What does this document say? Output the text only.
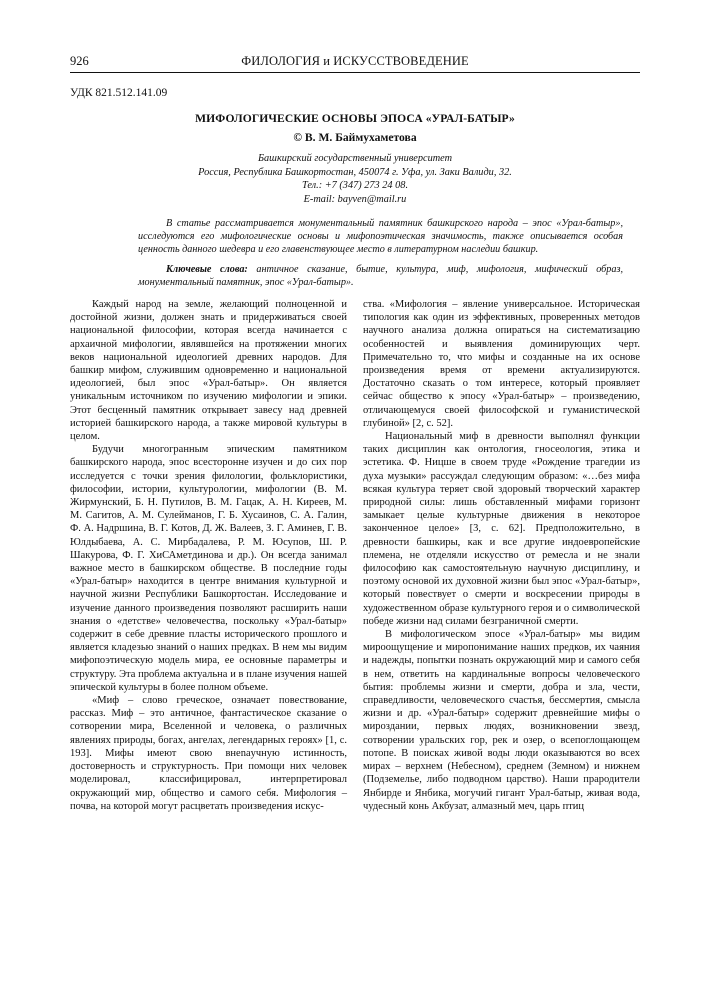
926	ФИЛОЛОГИЯ и ИСКУССТВОВЕДЕНИЕ
УДК 821.512.141.09
МИФОЛОГИЧЕСКИЕ ОСНОВЫ ЭПОСА «УРАЛ-БАТЫР»
© В. М. Баймухаметова
Башкирский государственный университет
Россия, Республика Башкортостан, 450074 г. Уфа, ул. Заки Валиди, 32.
Тел.: +7 (347) 273 24 08.
E-mail: bayven@mail.ru
В статье рассматривается монументальный памятник башкирского народа – эпос «Урал-батыр», исследуются его мифологические основы и мифопоэтическая значимость, также описывается особая ценность данного шедевра и его главенствующее место в литературном наследии башкир.
Ключевые слова: античное сказание, бытие, культура, миф, мифология, мифический образ, монументальный памятник, эпос «Урал-батыр».

Каждый народ на земле, желающий полноценной и достойной жизни, должен знать и придерживаться своей национальной философии, которая всегда начинается с архаичной мифологии, являвшейся на протяжении многих веков национальной идеологией древних народов. Для башкир мифом, служившим одновременно и национальной идеологией, был эпос «Урал-батыр». Он является уникальным источником по изучению мифологии и эпики. Этот бесценный памятник открывает завесу над древней историей башкирского народа, а также мировой культуры в целом.

Будучи многогранным эпическим памятником башкирского народа, эпос всесторонне изучен и до сих пор исследуется с точки зрения филологии, фольклористики, философии, истории, культурологии, мифологии (В. М. Жирмунский, Б. Н. Путилов, В. М. Гацак, А. Н. Киреев, М. М. Сагитов, А. М. Сулейманов, Г. Б. Хусаинов, С. А. Галин, Ф. А. Надршина, В. Г. Котов, Д. Ж. Валеев, З. Г. Аминев, Г. В. Юлдыбаева, А. С. Мирбадалева, Р. М. Юсупов, Ш. Р. Шакурова, Ф. Г. ХиСАметдинова и др.). Он всегда занимал важное место в башкирском обществе. В последние годы «Урал-батыр» находится в центре внимания культурной и научной жизни Республики Башкортостан. Исследование и изучение данного произведения позволяют расширить наши знания о «детстве» человечества, поскольку «Урал-батыр» содержит в себе древние пласты исторического прошлого и является кладезью знаний о наших предках. В нем мы видим мифопоэтическую модель мира, ее основные параметры и структуру. Эта проблема актуальна и в плане изучения нашей эпической культуры в более полном объеме.

«Миф – слово греческое, означает повествование, рассказ. Миф – это античное, фантастическое сказание о сотворении мира, Вселенной и человека, о различных явлениях природы, богах, ангелах, легендарных героях» [1, с. 193]. Мифы имеют свою внenaучную истинность, достоверность и структурность. При помощи них человек моделировал, классифицировал, интерпретировал окружающий мир, общество и самого себя. Мифология – почва, на которой могут расцветать произведения искус-

ства. «Мифология – явление универсальное. Историческая типология как один из эффективных, проверенных методов научного анализа должна опираться на систематизацию особенностей и выявления доминирующих черт. Примечательно то, что мифы и созданные на их основе произведения время от времени актуализируются. Достаточно сказать о том интересе, который проявляет сейчас общество к эпосу «Урал-батыр» – произведению, отличающемуся своей философской и гуманистической глубиной» [2, с. 52].

Национальный миф в древности выполнял функции таких дисциплин как онтология, гносеология, этика и эстетика. Ф. Ницше в своем труде «Рождение трагедии из духа музыки» рассуждал следующим образом: «…без мифа всякая культура теряет свой здоровый творческий характер природной силы: лишь обставленный мифами горизонт замыкает целые культурные движения в некоторое законченное целое» [3, с. 62]. Предположительно, в древности башкиры, как и все другие индоевропейские племена, не отделяли искусство от ремесла и не знали философию как самостоятельную научную дисциплину, и поэтому основой их духовной жизни был эпос «Урал-батыр», который повествует о смерти и воскресении природы в художественном образе культурного героя и о символической победе жизни над силами безграничной смерти.

В мифологическом эпосе «Урал-батыр» мы видим мироощущение и миропонимание наших предков, их чаяния и надежды, попытки познать окружающий мир и самого себя в нем, ответить на кардинальные вопросы человеческого бытия: проблемы жизни и смерти, добра и зла, чести, справедливости, человеческого счастья, бессмертия, смысла жизни и др. «Урал-батыр» содержит древнейшие мифы о мироздании, первых людях, возникновении звезд, сотворении уральских гор, рек и озер, о всепоглощающем потопе. В поисках живой воды люди оказываются во всех мирах – верхнем (Небесном), среднем (Земном) и нижнем (Подземелье, либо подводном царство). Наши прародители Янбирде и Янбика, могучий гигант Урал-батыр, живая вода, чудесный конь Акбузат, алмазный меч, царь птиц
